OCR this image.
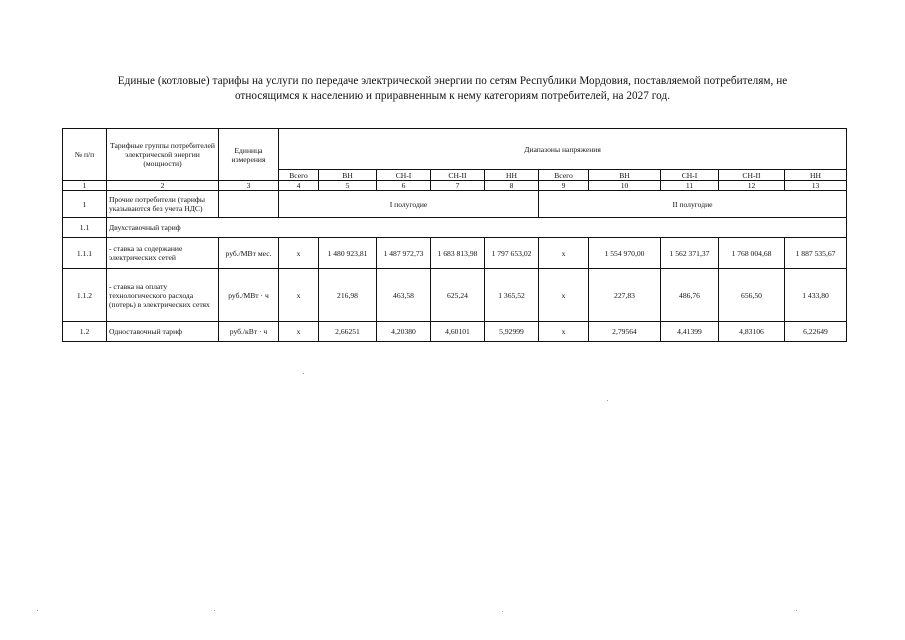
Единые (котловые) тарифы на услуги по передаче электрической энергии по сетям Республики Мордовия, поставляемой потребителям, не
относящимся к населению и приравненным к нему категориям потребителей, на 2027 год.
№ п/п	Тарифные группы потребителей электрической энергии (мощности)	Единица измерения	Диапазоны напряжения									
			Всего	ВН	СН-I	СН-II	НН	Всего	ВН	СН-I	СН-II	НН
1	2	3	4	5	6	7	8	9	10	11	12	13
1	Прочие потребители (тарифы указываются без учета НДС)		I полугодие					II полугодие				
1.1	Двухставочный тариф											
1.1.1	- ставка за содержание электрических сетей	руб./МВт мес.	х	1 480 923,81	1 487 972,73	1 683 813,98	1 797 653,02	х	1 554 970,00	1 562 371,37	1 768 004,68	1 887 535,67
1.1.2	- ставка на оплату технологического расхода (потерь) в электрических сетях	руб./МВт · ч	х	216,98	463,58	625,24	1 365,52	х	227,83	486,76	656,50	1 433,80
1.2	Одноставочный тариф	руб./кВт · ч	х	2,66251	4,20380	4,60101	5,92999	х	2,79564	4,41399	4,83106	6,22649
